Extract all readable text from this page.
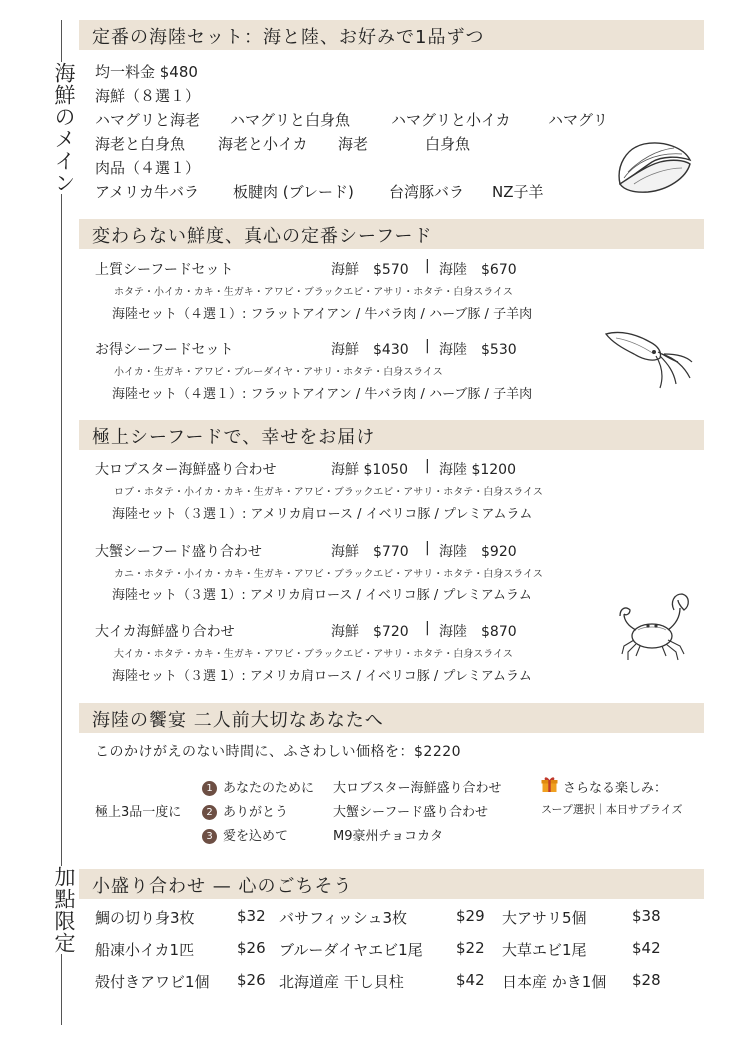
海鮮のメイン
加點限定
定番の海陸セット：海と陸、お好みで1品ずつ
均一料金 $480
海鮮（８選１）
ハマグリと海老 ハマグリと白身魚	ハマグリと小イカ ハマグリ
海老と白身魚 海老と小イカ 海老	白身魚
肉品（４選１）
アメリカ牛バラ 板腱肉 (ブレード) 台湾豚バラ NZ子羊
変わらない鮮度、真心の定番シーフード
上質シーフードセット	海鮮　$570 | 海陸　$670
ホタテ・小イカ・カキ・生ガキ・アワビ・ブラックエビ・アサリ・ホタテ・白身スライス
海陸セット（４選１）: フラットアイアン / 牛バラ肉 / ハーブ豚 / 子羊肉
お得シーフードセット	海鮮　$430 | 海陸　$530
小イカ・生ガキ・アワビ・ブルーダイヤ・アサリ・ホタテ・白身スライス
海陸セット（４選１）: フラットアイアン / 牛バラ肉 / ハーブ豚 / 子羊肉
極上シーフードで、幸せをお届け
大ロブスター海鮮盛り合わせ	海鮮 $1050 | 海陸 $1200
ロブ・ホタテ・小イカ・カキ・生ガキ・アワビ・ブラックエビ・アサリ・ホタテ・白身スライス
海陸セット（３選１）: アメリカ肩ロース / イベリコ豚 / プレミアムラム
大蟹シーフード盛り合わせ	海鮮　$770 | 海陸　$920
カニ・ホタテ・小イカ・カキ・生ガキ・アワビ・ブラックエビ・アサリ・ホタテ・白身スライス
海陸セット（３選 1）: アメリカ肩ロース / イベリコ豚 / プレミアムラム
大イカ海鮮盛り合わせ	海鮮　$720 | 海陸　$870
大イカ・ホタテ・カキ・生ガキ・アワビ・ブラックエビ・アサリ・ホタテ・白身スライス
海陸セット（３選 1）: アメリカ肩ロース / イベリコ豚 / プレミアムラム
海陸の饗宴 二人前大切なあなたへ
このかけがえのない時間に、ふさわしい価格を：$2220
極上3品一度に
1 あなたのために 大ロブスター海鮮盛り合わせ
2 ありがとう	大蟹シーフード盛り合わせ
3 愛を込めて	M9豪州チョコカタ
さらなる楽しみ：
スープ選択｜本日サプライズ
小盛り合わせ — 心のごちそう
鯛の切り身3枚	$32 バサフィッシュ3枚	$29 大アサリ5個	$38
船凍小イカ1匹	$26 ブルーダイヤエビ1尾 $22 大草エビ1尾	$42
殻付きアワビ1個 $26 北海道産 干し貝柱	$42 日本産 かき1個 $28
